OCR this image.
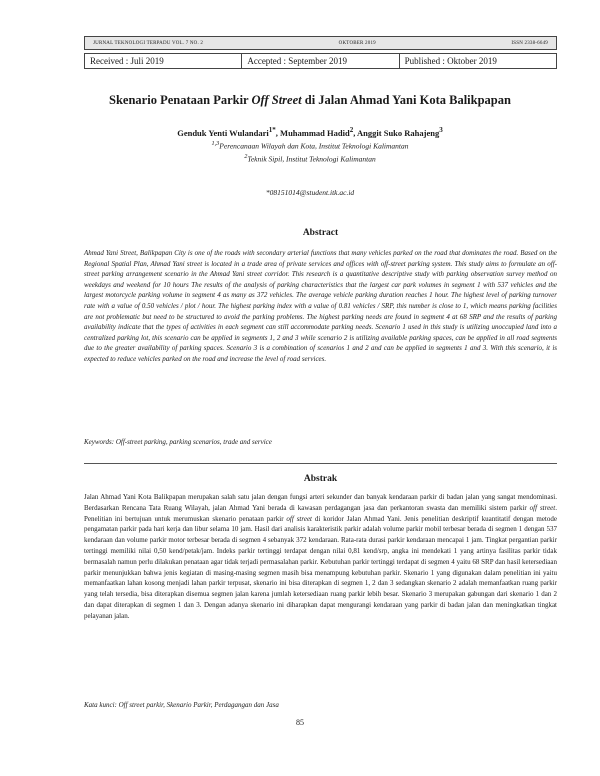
JURNAL TEKNOLOGI TERPADU VOL. 7 NO. 2	OKTOBER 2019	ISSN 2338-6649
Received : Juli 2019	Accepted : September 2019	Published : Oktober 2019
Skenario Penataan Parkir Off Street di Jalan Ahmad Yani Kota Balikpapan
Genduk Yenti Wulandari$^{1*}$, Muhammad Hadid$^2$, Anggit Suko Rahajeng$^3$
$^{1,3}$Perencanaan Wilayah dan Kota, Institut Teknologi Kalimantan
$^2$Teknik Sipil, Institut Teknologi Kalimantan
*08151014@student.itk.ac.id
Abstract

Ahmad Yani Street, Balikpapan City is one of the roads with secondary arterial functions that many vehicles parked on the road that dominates the road. Based on the Regional Spatial Plan, Ahmad Yani street is located in a trade area of private services and offices with off-street parking system. This study aims to formulate an off-street parking arrangement scenario in the Ahmad Yani street corridor. This research is a quantitative descriptive study with parking observation survey method on weekdays and weekend for 10 hours The results of the analysis of parking characteristics that the largest car park volumes in segment 1 with 537 vehicles and the largest motorcycle parking volume in segment 4 as many as 372 vehicles. The average vehicle parking duration reaches 1 hour. The highest level of parking turnover rate with a value of 0.50 vehicles / plot / hour. The highest parking index with a value of 0.81 vehicles / SRP, this number is close to 1, which means parking facilities are not problematic but need to be structured to avoid the parking problems. The highest parking needs are found in segment 4 at 68 SRP and the results of parking availability indicate that the types of activities in each segment can still accommodate parking needs. Scenario 1 used in this study is utilizing unoccupied land into a centralized parking lot, this scenario can be applied in segments 1, 2 and 3 while scenario 2 is utilizing available parking spaces, can be applied in all road segments due to the greater availability of parking spaces. Scenario 3 is a combination of scenarios 1 and 2 and can be applied in segments 1 and 3. With this scenario, it is expected to reduce vehicles parked on the road and increase the level of road services.

Keywords: Off-street parking, parking scenarios, trade and service
Abstrak

Jalan Ahmad Yani Kota Balikpapan merupakan salah satu jalan dengan fungsi arteri sekunder dan banyak kendaraan parkir di badan jalan yang sangat mendominasi. Berdasarkan Rencana Tata Ruang Wilayah, jalan Ahmad Yani berada di kawasan perdagangan jasa dan perkantoran swasta dan memiliki sistem parkir off street. Penelitian ini bertujuan untuk merumuskan skenario penataan parkir off street di koridor Jalan Ahmad Yani. Jenis penelitian deskriptif kuantitatif dengan metode pengamatan parkir pada hari kerja dan libur selama 10 jam. Hasil dari analisis karakteristik parkir adalah volume parkir mobil terbesar berada di segmen 1 dengan 537 kendaraan dan volume parkir motor terbesar berada di segmen 4 sebanyak 372 kendaraan. Rata-rata durasi parkir kendaraan mencapai 1 jam. Tingkat pergantian parkir tertinggi memiliki nilai 0,50 kend/petak/jam. Indeks parkir tertinggi terdapat dengan nilai 0,81 kend/srp, angka ini mendekati 1 yang artinya fasilitas parkir tidak bermasalah namun perlu dilakukan penataan agar tidak terjadi permasalahan parkir. Kebutuhan parkir tertinggi terdapat di segmen 4 yaitu 68 SRP dan hasil ketersediaan parkir menunjukkan bahwa jenis kegiatan di masing-masing segmen masih bisa menampung kebutuhan parkir. Skenario 1 yang digunakan dalam penelitian ini yaitu memanfaatkan lahan kosong menjadi lahan parkir terpusat, skenario ini bisa diterapkan di segmen 1, 2 dan 3 sedangkan skenario 2 adalah memanfaatkan ruang parkir yang telah tersedia, bisa diterapkan disemua segmen jalan karena jumlah ketersediaan ruang parkir lebih besar. Skenario 3 merupakan gabungan dari skenario 1 dan 2 dan dapat diterapkan di segmen 1 dan 3. Dengan adanya skenario ini diharapkan dapat mengurangi kendaraan yang parkir di badan jalan dan meningkatkan tingkat pelayanan jalan.

Kata kunci: Off street parkir, Skenario Parkir, Perdagangan dan Jasa
85
